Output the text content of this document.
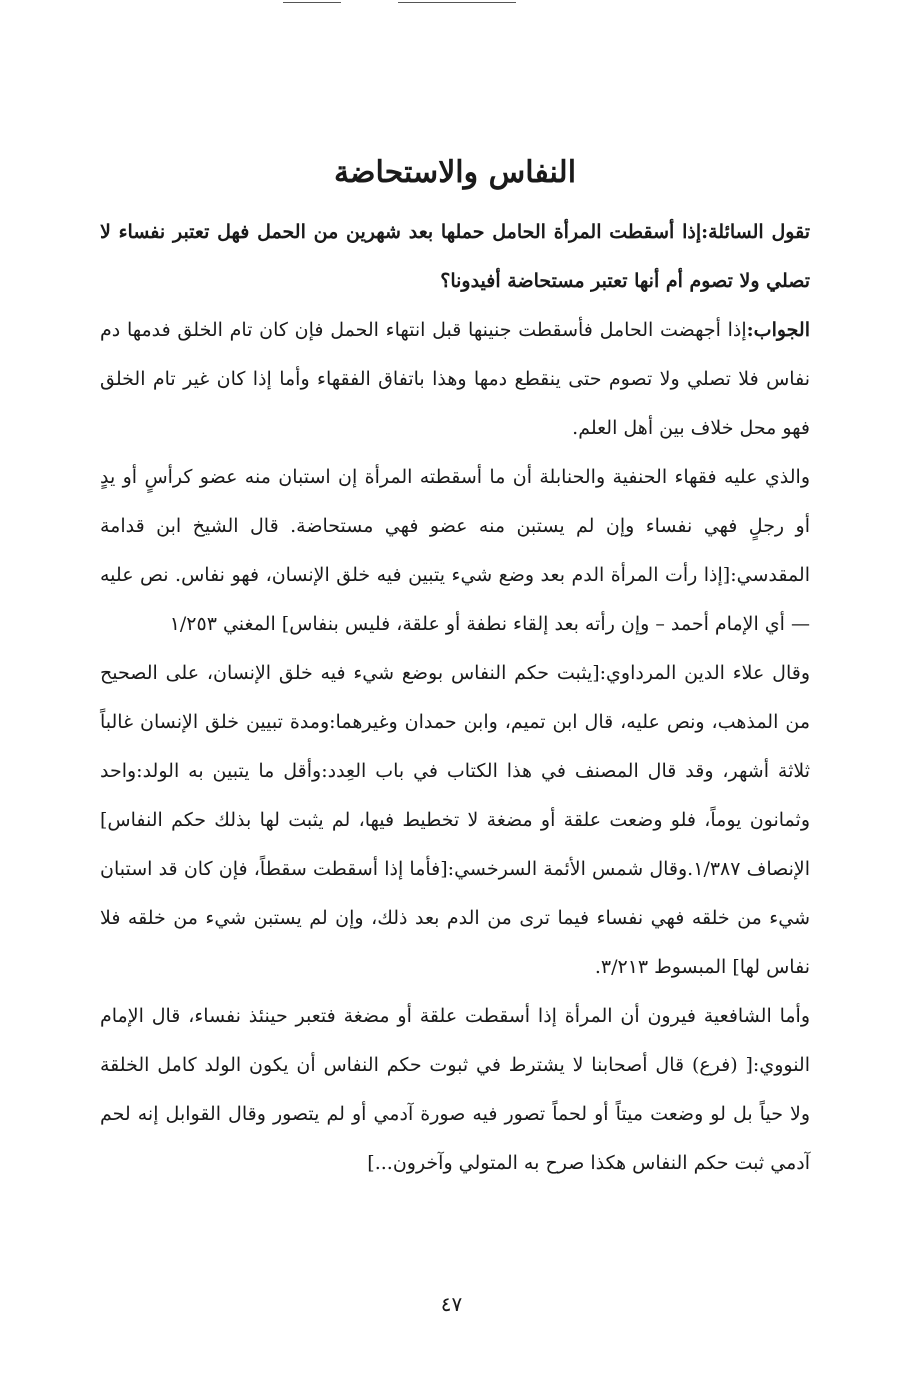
النفاس والاستحاضة

تقول السائلة:إذا أسقطت المرأة الحامل حملها بعد شهرين من الحمل فهل تعتبر نفساء لا تصلي ولا تصوم أم أنها تعتبر مستحاضة أفيدونا؟

الجواب:إذا أجهضت الحامل فأسقطت جنينها قبل انتهاء الحمل فإن كان تام الخلق فدمها دم نفاس فلا تصلي ولا تصوم حتى ينقطع دمها وهذا باتفاق الفقهاء وأما إذا كان غير تام الخلق فهو محل خلاف بين أهل العلم.

والذي عليه فقهاء الحنفية والحنابلة أن ما أسقطته المرأة إن استبان منه عضو كرأسٍ أو يدٍ أو رجلٍ فهي نفساء وإن لم يستبن منه عضو فهي مستحاضة. قال الشيخ ابن قدامة المقدسي:[إذا رأت المرأة الدم بعد وضع شيء يتبين فيه خلق الإنسان، فهو نفاس. نص عليه — أي الإمام أحمد – وإن رأته بعد إلقاء نطفة أو علقة، فليس بنفاس] المغني ١/٢٥٣

وقال علاء الدين المرداوي:[يثبت حكم النفاس بوضع شيء فيه خلق الإنسان، على الصحيح من المذهب، ونص عليه، قال ابن تميم، وابن حمدان وغيرهما:ومدة تبيين خلق الإنسان غالباً ثلاثة أشهر، وقد قال المصنف في هذا الكتاب في باب العِدد:وأقل ما يتبين به الولد:واحد وثمانون يوماً، فلو وضعت علقة أو مضغة لا تخطيط فيها، لم يثبت لها بذلك حكم النفاس] الإنصاف ١/٣٨٧.وقال شمس الأئمة السرخسي:[فأما إذا أسقطت سقطاً، فإن كان قد استبان شيء من خلقه فهي نفساء فيما ترى من الدم بعد ذلك، وإن لم يستبن شيء من خلقه فلا نفاس لها] المبسوط ٣/٢١٣.

وأما الشافعية فيرون أن المرأة إذا أسقطت علقة أو مضغة فتعبر حينئذ نفساء، قال الإمام النووي:[ (فرع) قال أصحابنا لا يشترط في ثبوت حكم النفاس أن يكون الولد كامل الخلقة ولا حياً بل لو وضعت ميتاً أو لحماً تصور فيه صورة آدمي أو لم يتصور وقال القوابل إنه لحم آدمي ثبت حكم النفاس هكذا صرح به المتولي وآخرون...]

٤٧
